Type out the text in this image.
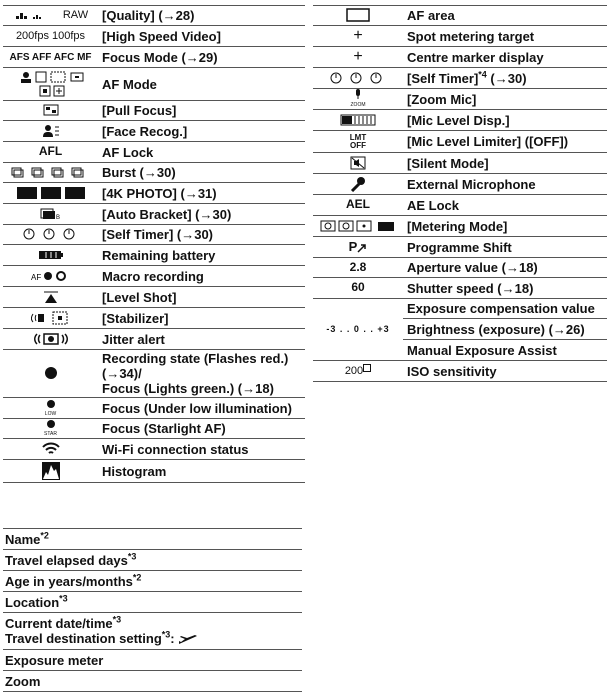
RAW	[Quality] (→28)
200fps 100fps	[High Speed Video]
AFS AFF AFC MF	Focus Mode (→29)
	AF Mode
	[Pull Focus]
	[Face Recog.]
AFL	AF Lock
	Burst (→30)
	[4K PHOTO] (→31)

B	[Auto Bracket] (→30)
	[Self Timer] (→30)
	Remaining battery

AF	Macro recording
	[Level Shot]
	[Stabilizer]
	Jitter alert
	Recording state (Flashes red.) (→34)/
Focus (Lights green.) (→18)

LOW	Focus (Under low illumination)

STAR	Focus (Starlight AF)
	Wi-Fi connection status
	Histogram
	AF area
+	Spot metering target
+	Centre marker display
	[Self Timer]$^{*4}$ (→30)

ZOOM	[Zoom Mic]
	[Mic Level Disp.]

LMT OFF	[Mic Level Limiter] ([OFF])
	[Silent Mode]
	External Microphone
AEL	AE Lock
	[Metering Mode]
P	Programme Shift
2.8	Aperture value (→18)
60	Shutter speed (→18)
-3 . . 0 . . +3	Exposure compensation value
	Brightness (exposure) (→26)
	Manual Exposure Assist
200	ISO sensitivity
Name$^{*2}$
Travel elapsed days$^{*3}$
Age in years/months$^{*2}$
Location$^{*3}$
Current date/time$^{*3}$
Travel destination setting$^{*3}$:
Exposure meter
Zoom
